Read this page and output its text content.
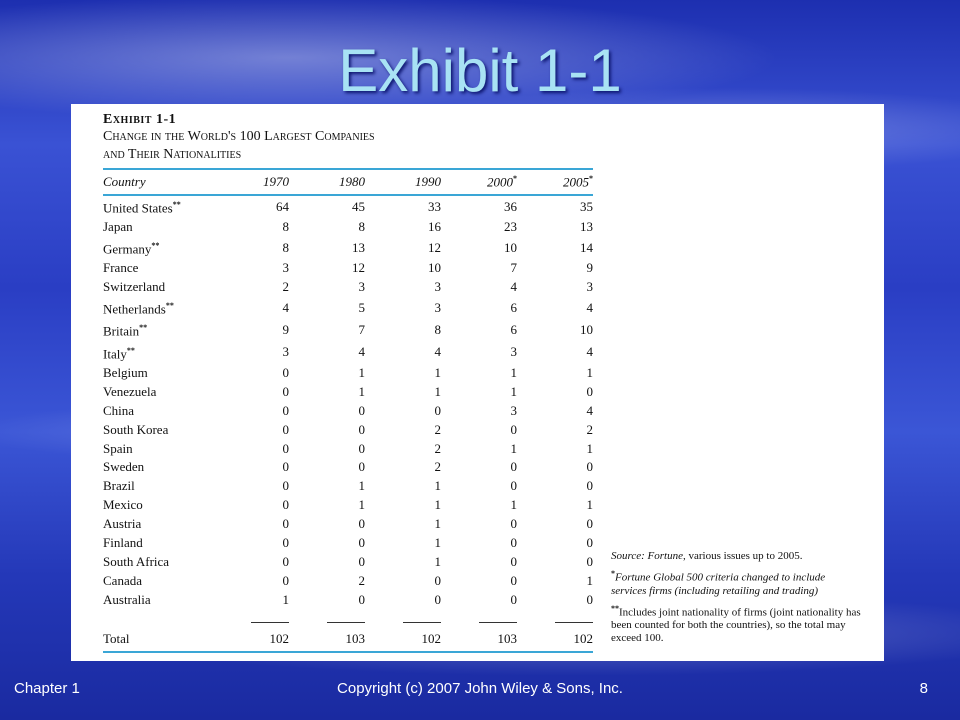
Exhibit 1-1
Exhibit 1-1
Change in the World's 100 Largest Companies
and Their Nationalities
Country	1970	1980	1990	2000*	2005*

United States**	64	45	33	36	35
Japan	8	8	16	23	13
Germany**	8	13	12	10	14
France	3	12	10	7	9
Switzerland	2	3	3	4	3
Netherlands**	4	5	3	6	4
Britain**	9	7	8	6	10
Italy**	3	4	4	3	4
Belgium	0	1	1	1	1
Venezuela	0	1	1	1	0
China	0	0	0	3	4
South Korea	0	0	2	0	2
Spain	0	0	2	1	1
Sweden	0	0	2	0	0
Brazil	0	1	1	0	0
Mexico	0	1	1	1	1
Austria	0	0	1	0	0
Finland	0	0	1	0	0
South Africa	0	0	1	0	0
Canada	0	2	0	0	1
Australia	1	0	0	0	0

Total	102	103	102	103	102

Source: Fortune, various issues up to 2005.

*Fortune Global 500 criteria changed to include services firms (including retailing and trading)

**Includes joint nationality of firms (joint nationality has been counted for both the countries), so the total may exceed 100.

Chapter 1	Copyright (c) 2007 John Wiley & Sons, Inc.	8
